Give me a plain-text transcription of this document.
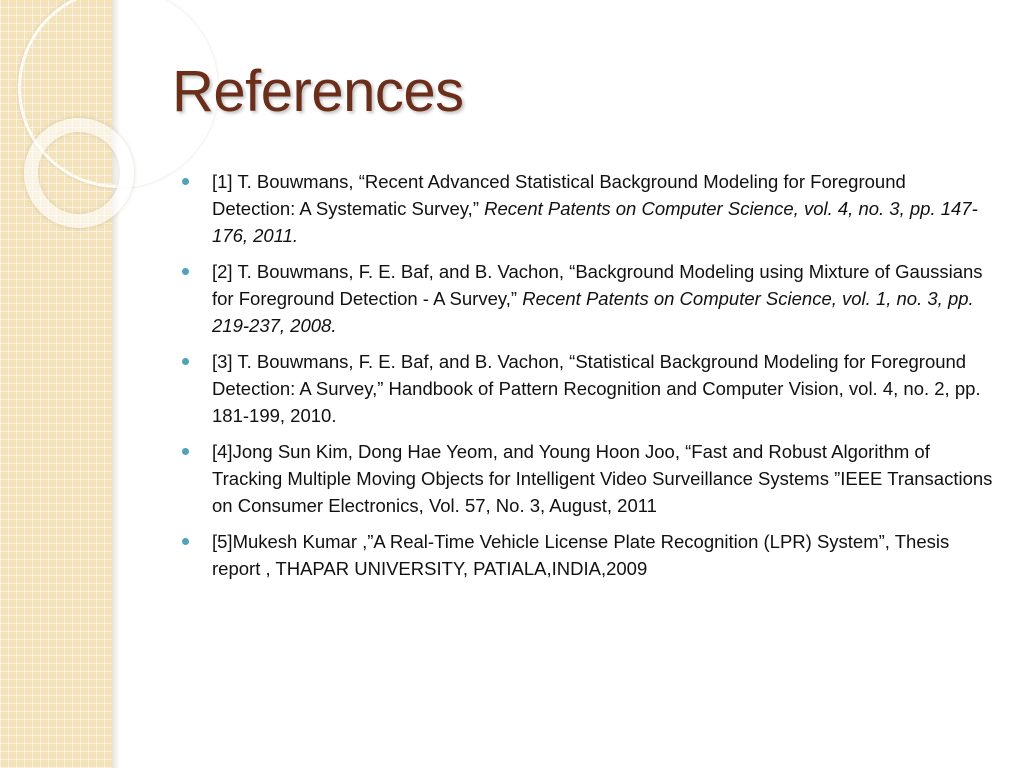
References
[1] T. Bouwmans, “Recent Advanced Statistical Background Modeling for Foreground Detection: A Systematic Survey,” Recent Patents on Computer Science, vol. 4, no. 3, pp. 147-176, 2011.
[2] T. Bouwmans, F. E. Baf, and B. Vachon, “Background Modeling using Mixture of Gaussians for Foreground Detection - A Survey,” Recent Patents on Computer Science, vol. 1, no. 3, pp. 219-237, 2008.
[3] T. Bouwmans, F. E. Baf, and B. Vachon, “Statistical Background Modeling for Foreground Detection: A Survey,” Handbook of Pattern Recognition and Computer Vision, vol. 4, no. 2, pp. 181-199, 2010.
[4]Jong Sun Kim, Dong Hae Yeom, and Young Hoon Joo, “Fast and Robust Algorithm of Tracking Multiple Moving Objects for Intelligent Video Surveillance Systems ”IEEE Transactions on Consumer Electronics, Vol. 57, No. 3, August, 2011
[5]Mukesh Kumar ,”A Real-Time Vehicle License Plate Recognition (LPR) System”, Thesis report , THAPAR UNIVERSITY, PATIALA,INDIA,2009
